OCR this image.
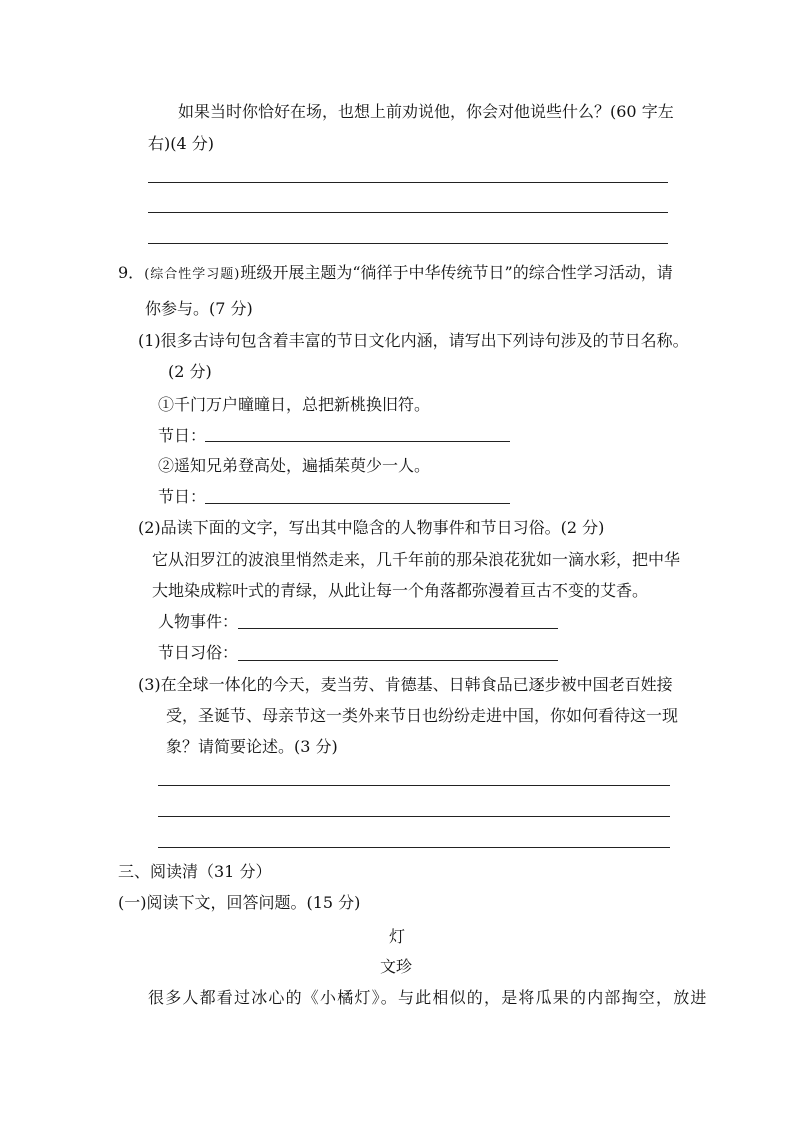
如果当时你恰好在场，也想上前劝说他，你会对他说些什么？(60 字左
右)(4 分)
9．(综合性学习题)班级开展主题为“徜徉于中华传统节日”的综合性学习活动，请
你参与。(7 分)
(1)很多古诗句包含着丰富的节日文化内涵，请写出下列诗句涉及的节日名称。
(2 分)
①千门万户曈曈日，总把新桃换旧符。
节日：
②遥知兄弟登高处，遍插茱萸少一人。
节日：
(2)品读下面的文字，写出其中隐含的人物事件和节日习俗。(2 分)
它从汨罗江的波浪里悄然走来，几千年前的那朵浪花犹如一滴水彩，把中华
大地染成粽叶式的青绿，从此让每一个角落都弥漫着亘古不变的艾香。
人物事件：
节日习俗：
(3)在全球一体化的今天，麦当劳、肯德基、日韩食品已逐步被中国老百姓接
受，圣诞节、母亲节这一类外来节日也纷纷走进中国，你如何看待这一现
象？请简要论述。(3 分)
三、阅读清（31 分）
(一)阅读下文，回答问题。(15 分)
灯
文珍
很多人都看过冰心的《小橘灯》。与此相似的，是将瓜果的内部掏空，放进
